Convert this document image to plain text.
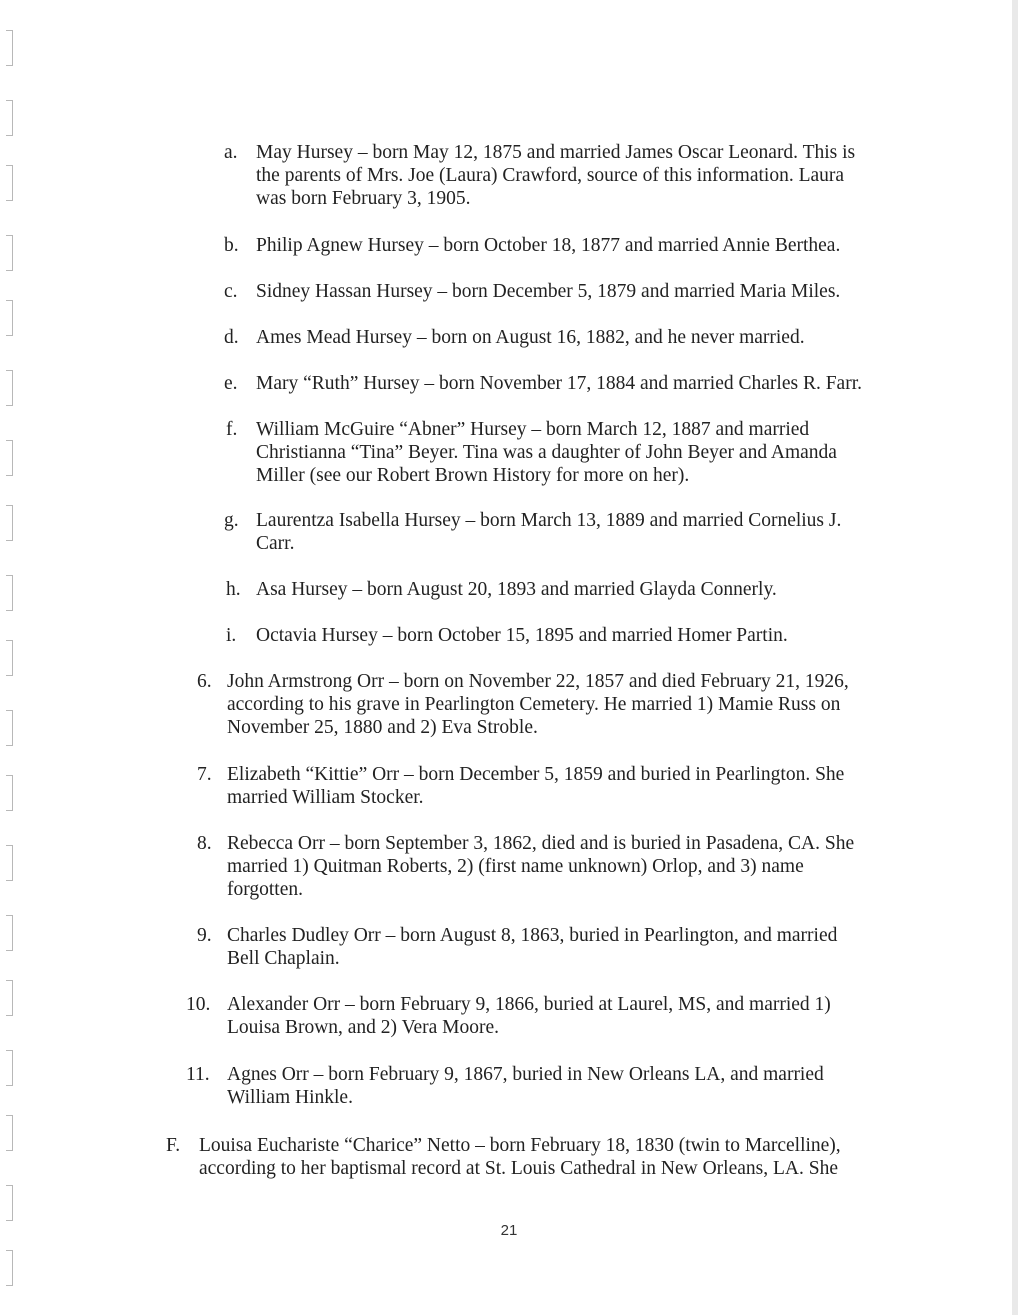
a. May Hursey – born May 12, 1875 and married James Oscar Leonard. This is
the parents of Mrs. Joe (Laura) Crawford, source of this information. Laura
was born February 3, 1905.
b. Philip Agnew Hursey – born October 18, 1877 and married Annie Berthea.
c. Sidney Hassan Hursey – born December 5, 1879 and married Maria Miles.
d. Ames Mead Hursey – born on August 16, 1882, and he never married.
e. Mary “Ruth” Hursey – born November 17, 1884 and married Charles R. Farr.
f. William McGuire “Abner” Hursey – born March 12, 1887 and married
Christianna “Tina” Beyer. Tina was a daughter of John Beyer and Amanda
Miller (see our Robert Brown History for more on her).
g. Laurentza Isabella Hursey – born March 13, 1889 and married Cornelius J.
Carr.
h. Asa Hursey – born August 20, 1893 and married Glayda Connerly.
i. Octavia Hursey – born October 15, 1895 and married Homer Partin.
6. John Armstrong Orr – born on November 22, 1857 and died February 21, 1926,
according to his grave in Pearlington Cemetery. He married 1) Mamie Russ on
November 25, 1880 and 2) Eva Stroble.
7. Elizabeth “Kittie” Orr – born December 5, 1859 and buried in Pearlington. She
married William Stocker.
8. Rebecca Orr – born September 3, 1862, died and is buried in Pasadena, CA. She
married 1) Quitman Roberts, 2) (first name unknown) Orlop, and 3) name
forgotten.
9. Charles Dudley Orr – born August 8, 1863, buried in Pearlington, and married
Bell Chaplain.
10. Alexander Orr – born February 9, 1866, buried at Laurel, MS, and married 1)
Louisa Brown, and 2) Vera Moore.
11. Agnes Orr – born February 9, 1867, buried in New Orleans LA, and married
William Hinkle.
F. Louisa Euchariste “Charice” Netto – born February 18, 1830 (twin to Marcelline),
according to her baptismal record at St. Louis Cathedral in New Orleans, LA. She
21
